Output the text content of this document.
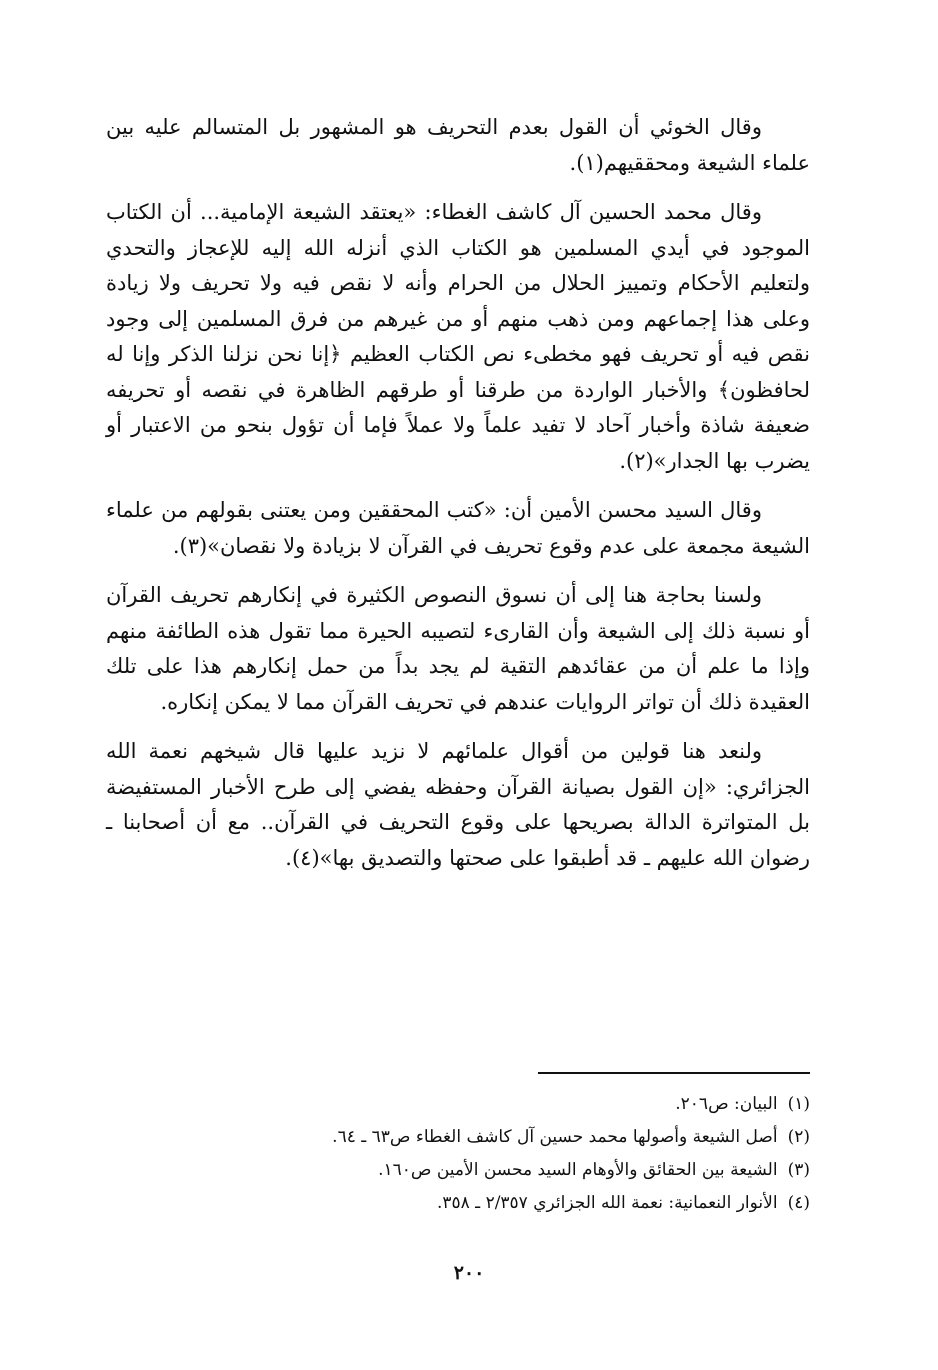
وقال الخوئي أن القول بعدم التحريف هو المشهور بل المتسالم عليه بين علماء الشيعة ومحققيهم(١).

وقال محمد الحسين آل كاشف الغطاء: «يعتقد الشيعة الإمامية... أن الكتاب الموجود في أيدي المسلمين هو الكتاب الذي أنزله الله إليه للإعجاز والتحدي ولتعليم الأحكام وتمييز الحلال من الحرام وأنه لا نقص فيه ولا تحريف ولا زيادة وعلى هذا إجماعهم ومن ذهب منهم أو من غيرهم من فرق المسلمين إلى وجود نقص فيه أو تحريف فهو مخطىء نص الكتاب العظيم ﴿إنا نحن نزلنا الذكر وإنا له لحافظون﴾ والأخبار الواردة من طرقنا أو طرقهم الظاهرة في نقصه أو تحريفه ضعيفة شاذة وأخبار آحاد لا تفيد علماً ولا عملاً فإما أن تؤول بنحو من الاعتبار أو يضرب بها الجدار»(٢).

وقال السيد محسن الأمين أن: «كتب المحققين ومن يعتنى بقولهم من علماء الشيعة مجمعة على عدم وقوع تحريف في القرآن لا بزيادة ولا نقصان»(٣).

ولسنا بحاجة هنا إلى أن نسوق النصوص الكثيرة في إنكارهم تحريف القرآن أو نسبة ذلك إلى الشيعة وأن القارىء لتصيبه الحيرة مما تقول هذه الطائفة منهم وإذا ما علم أن من عقائدهم التقية لم يجد بداً من حمل إنكارهم هذا على تلك العقيدة ذلك أن تواتر الروايات عندهم في تحريف القرآن مما لا يمكن إنكاره.

ولنعد هنا قولين من أقوال علمائهم لا نزيد عليها قال شيخهم نعمة الله الجزائري: «إن القول بصيانة القرآن وحفظه يفضي إلى طرح الأخبار المستفيضة بل المتواترة الدالة بصريحها على وقوع التحريف في القرآن.. مع أن أصحابنا ـ رضوان الله عليهم ـ قد أطبقوا على صحتها والتصديق بها»(٤).

(١)البيان: ص٢٠٦.

(٢)أصل الشيعة وأصولها محمد حسين آل كاشف الغطاء ص٦٣ ـ ٦٤.

(٣)الشيعة بين الحقائق والأوهام السيد محسن الأمين ص١٦٠.

(٤)الأنوار النعمانية: نعمة الله الجزائري ٢/٣٥٧ ـ ٣٥٨.

٢٠٠
